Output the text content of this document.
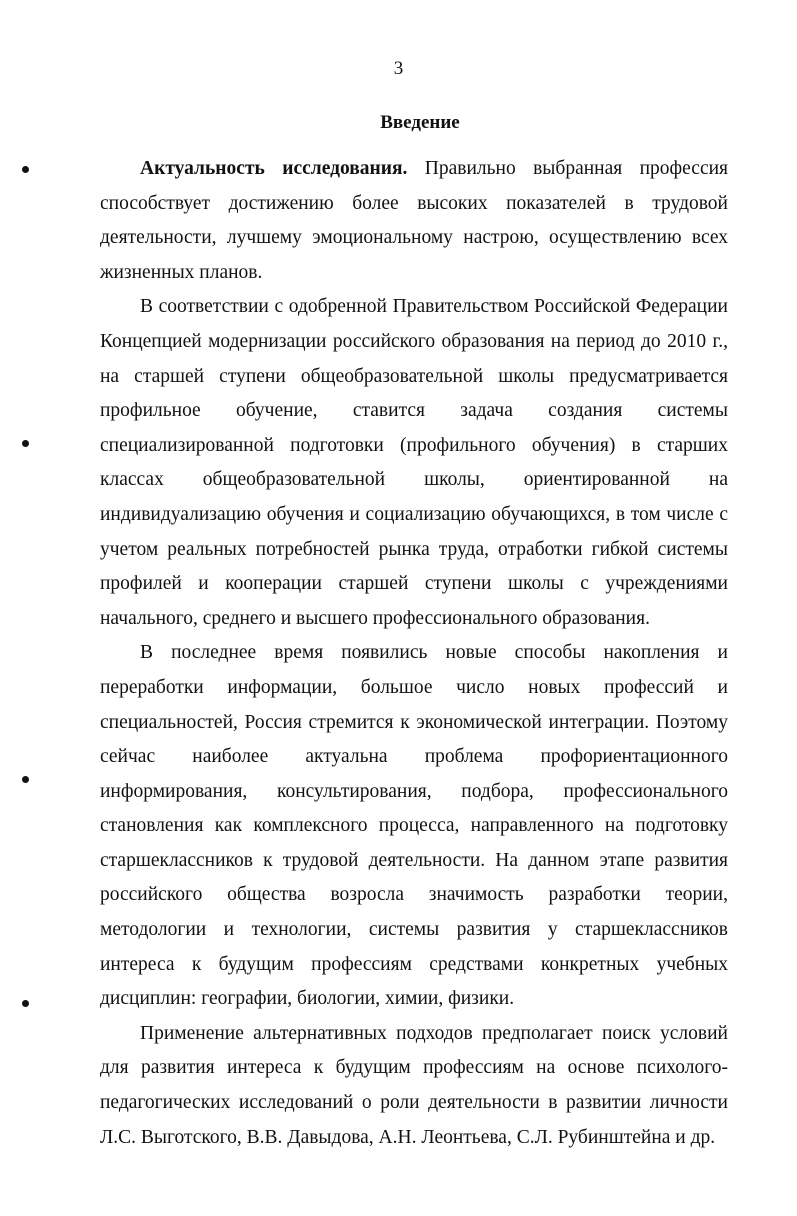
3
Введение

Актуальность исследования. Правильно выбранная профессия способствует достижению более высоких показателей в трудовой деятельности, лучшему эмоциональному настрою, осуществлению всех жизненных планов.

В соответствии с одобренной Правительством Российской Федерации Концепцией модернизации российского образования на период до 2010 г., на старшей ступени общеобразовательной школы предусматривается профильное обучение, ставится задача создания системы специализированной подготовки (профильного обучения) в старших классах общеобразовательной школы, ориентированной на индивидуализацию обучения и социализацию обучающихся, в том числе с учетом реальных потребностей рынка труда, отработки гибкой системы профилей и кооперации старшей ступени школы с учреждениями начального, среднего и высшего профессионального образования.

В последнее время появились новые способы накопления и переработки информации, большое число новых профессий и специальностей, Россия стремится к экономической интеграции. Поэтому сейчас наиболее актуальна проблема профориентационного информирования, консультирования, подбора, профессионального становления как комплексного процесса, направленного на подготовку старшеклассников к трудовой деятельности. На данном этапе развития российского общества возросла значимость разработки теории, методологии и технологии, системы развития у старшеклассников интереса к будущим профессиям средствами конкретных учебных дисциплин: географии, биологии, химии, физики.

Применение альтернативных подходов предполагает поиск условий для развития интереса к будущим профессиям на основе психолого-педагогических исследований о роли деятельности в развитии личности Л.С. Выготского, В.В. Давыдова, А.Н. Леонтьева, С.Л. Рубинштейна и др.
